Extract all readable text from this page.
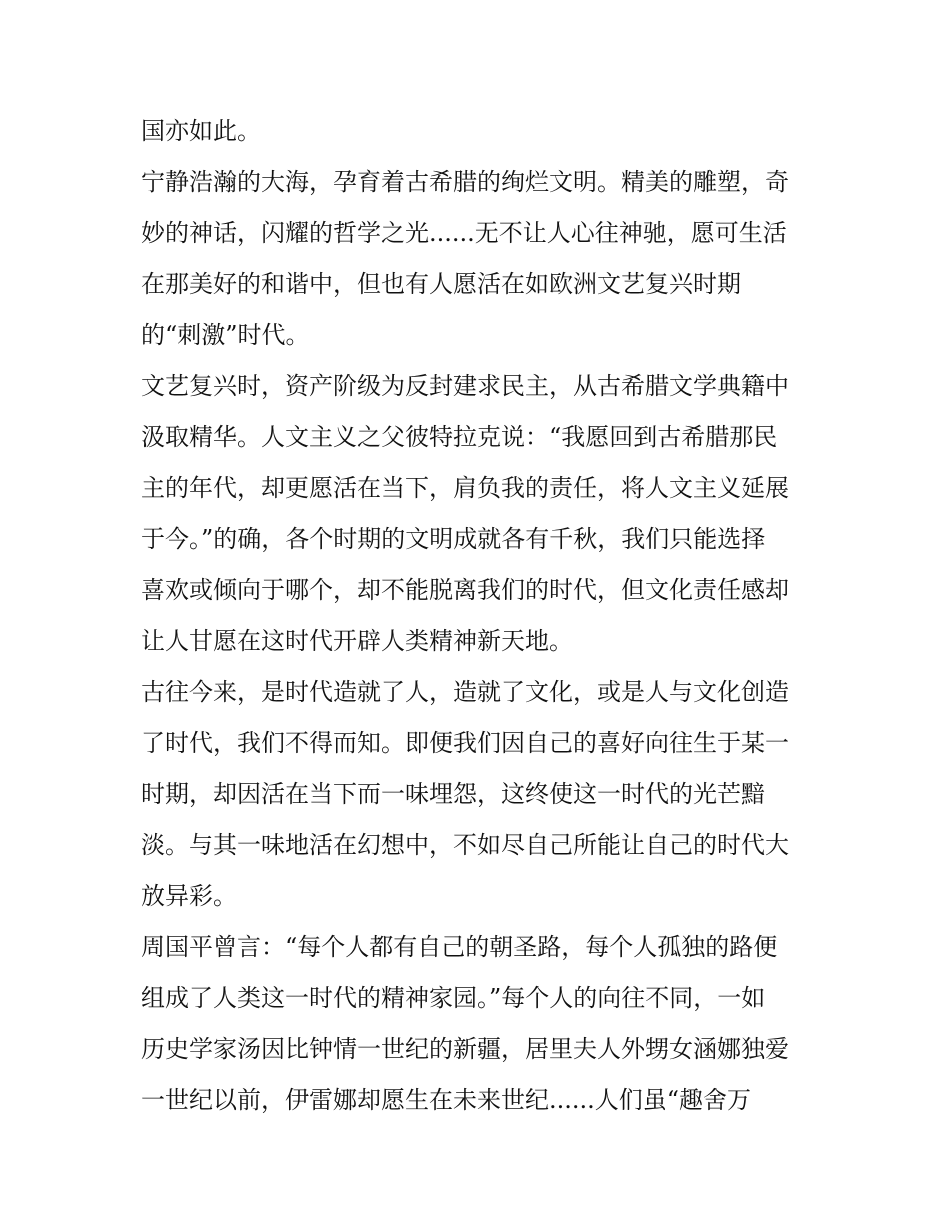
国亦如此。
宁静浩瀚的大海，孕育着古希腊的绚烂文明。精美的雕塑，奇
妙的神话，闪耀的哲学之光......无不让人心往神驰，愿可生活
在那美好的和谐中，但也有人愿活在如欧洲文艺复兴时期
的“刺激”时代。
文艺复兴时，资产阶级为反封建求民主，从古希腊文学典籍中
汲取精华。人文主义之父彼特拉克说：“我愿回到古希腊那民
主的年代，却更愿活在当下，肩负我的责任，将人文主义延展
于今。”的确，各个时期的文明成就各有千秋，我们只能选择
喜欢或倾向于哪个，却不能脱离我们的时代，但文化责任感却
让人甘愿在这时代开辟人类精神新天地。
古往今来，是时代造就了人，造就了文化，或是人与文化创造
了时代，我们不得而知。即便我们因自己的喜好向往生于某一
时期，却因活在当下而一味埋怨，这终使这一时代的光芒黯
淡。与其一味地活在幻想中，不如尽自己所能让自己的时代大
放异彩。
周国平曾言：“每个人都有自己的朝圣路，每个人孤独的路便
组成了人类这一时代的精神家园。”每个人的向往不同，一如
历史学家汤因比钟情一世纪的新疆，居里夫人外甥女涵娜独爱
一世纪以前，伊雷娜却愿生在未来世纪......人们虽“趣舍万
